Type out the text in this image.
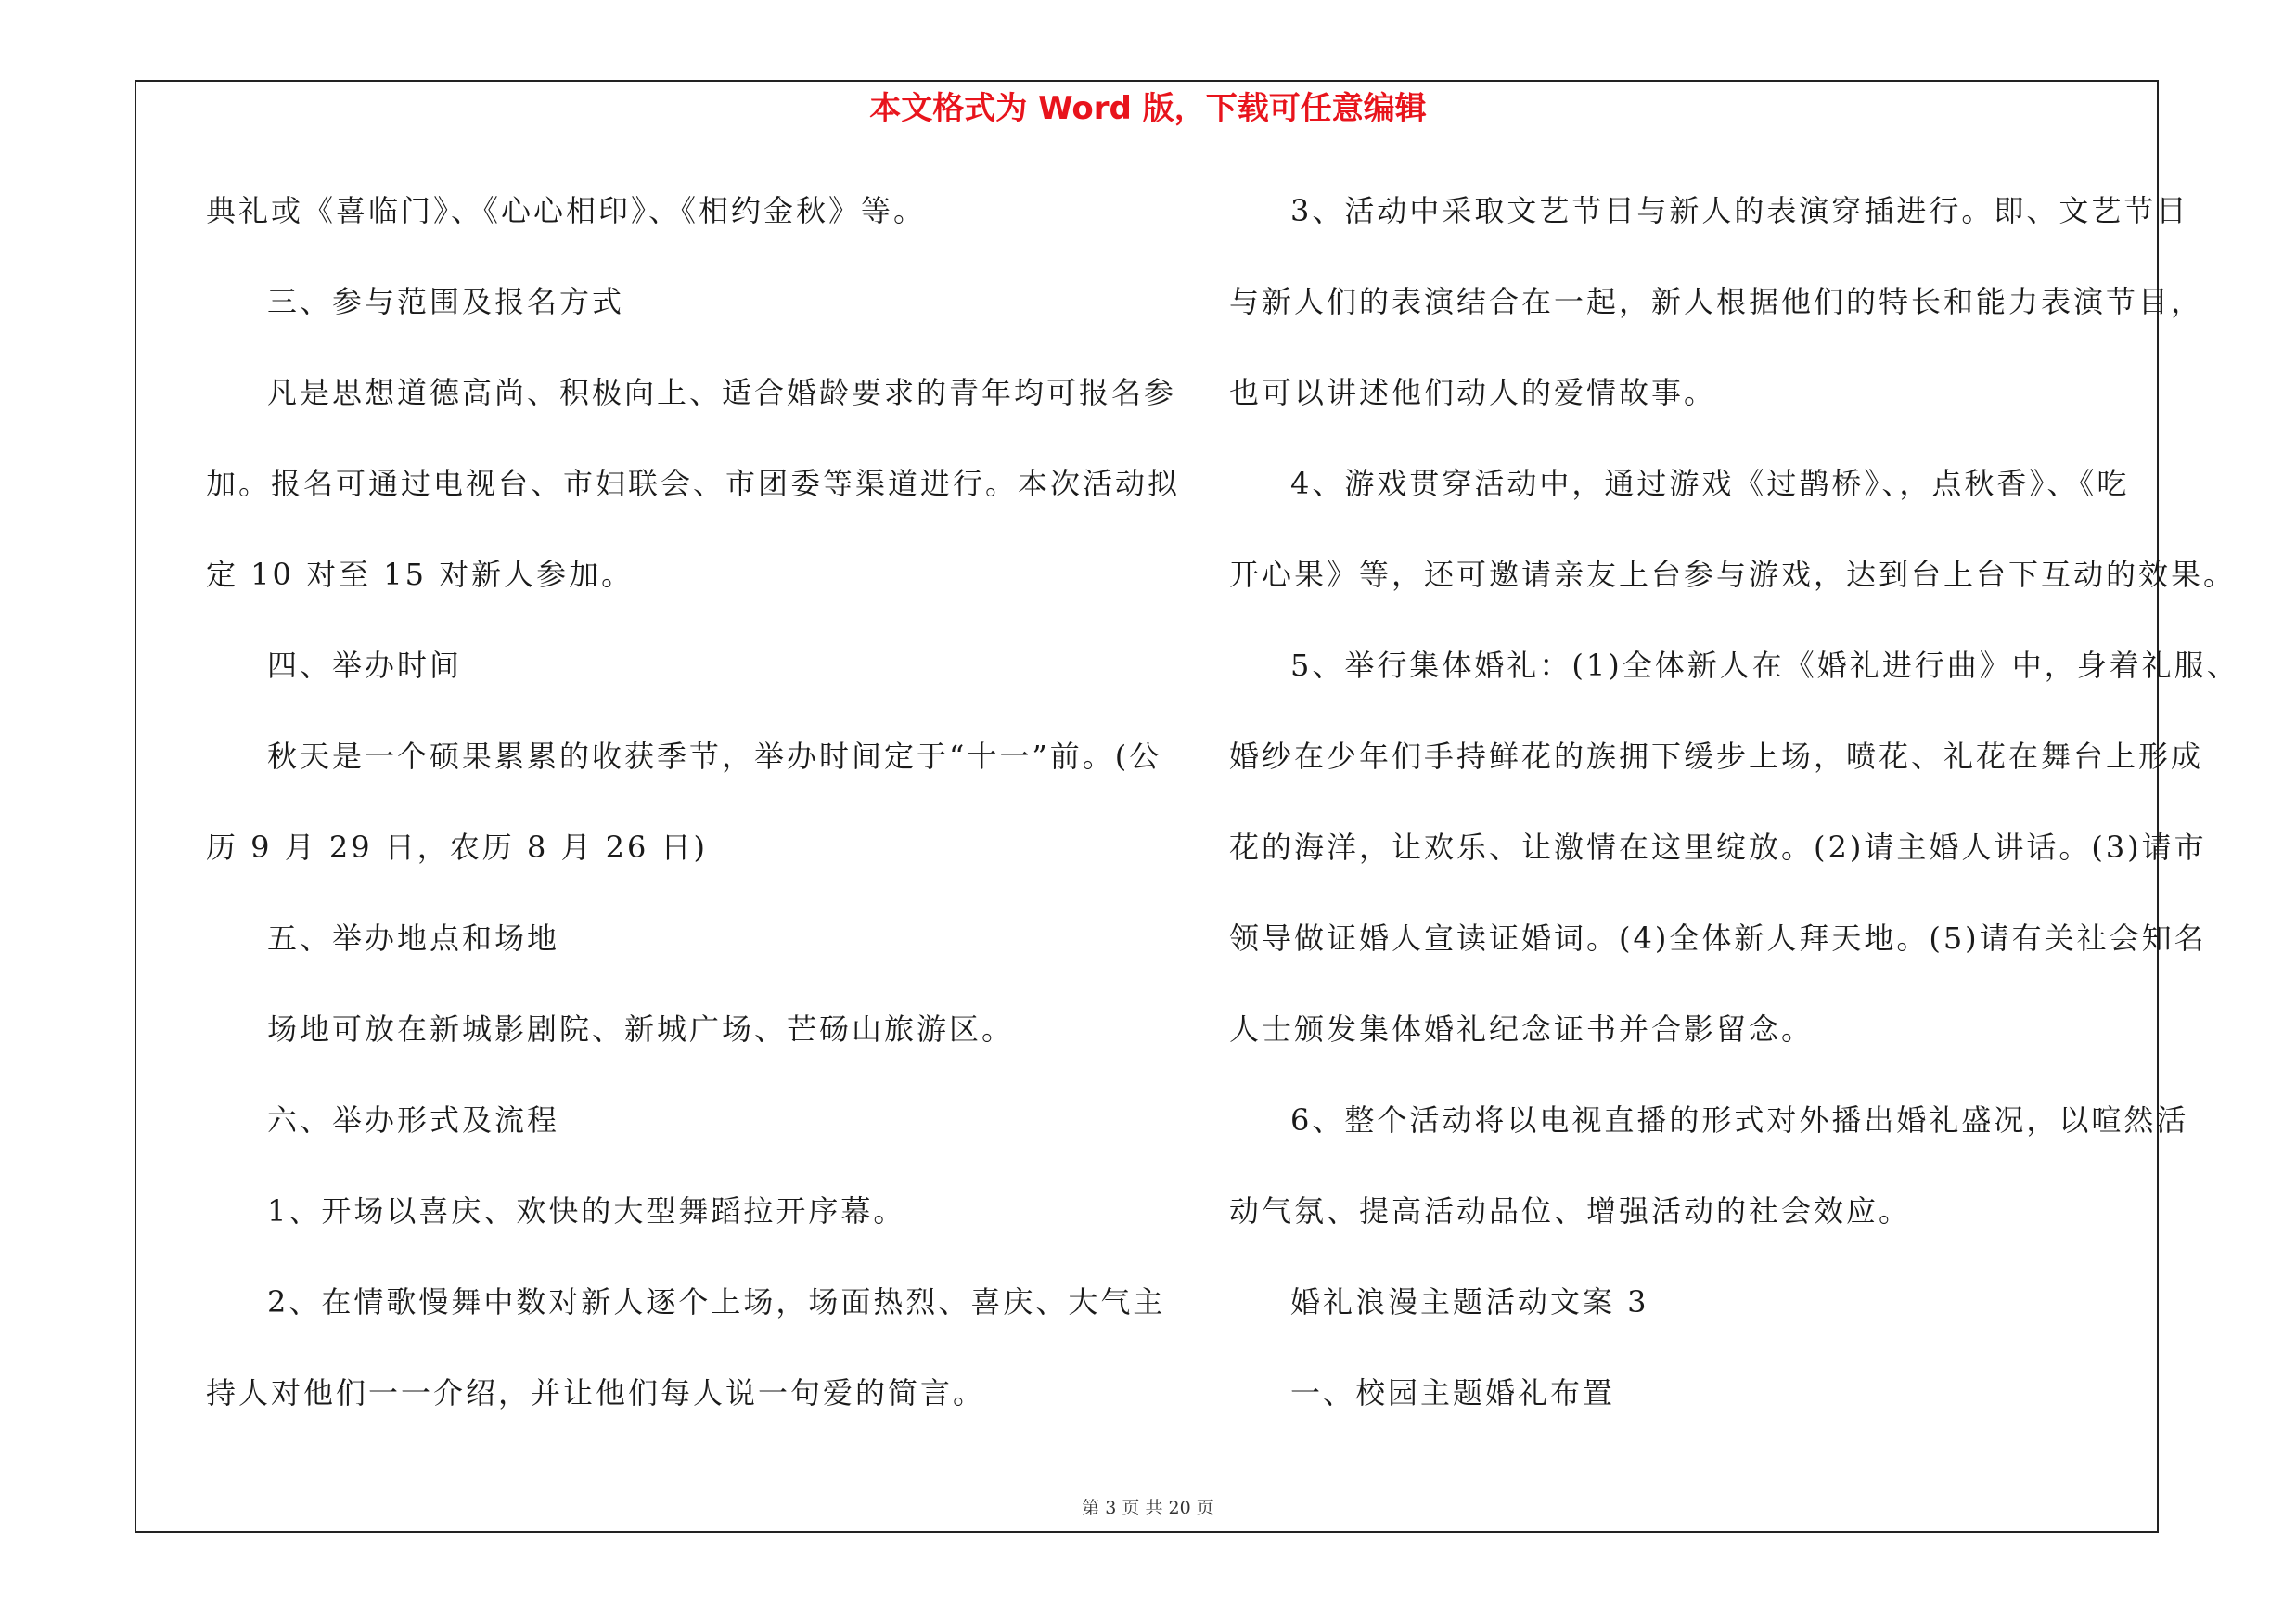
本文格式为 Word 版，下载可任意编辑

典礼或《喜临门》、《心心相印》、《相约金秋》等。

三、参与范围及报名方式

凡是思想道德高尚、积极向上、适合婚龄要求的青年均可报名参

加。报名可通过电视台、市妇联会、市团委等渠道进行。本次活动拟

定 10 对至 15 对新人参加。

四、举办时间

秋天是一个硕果累累的收获季节，举办时间定于“十一”前。(公

历 9 月 29 日，农历 8 月 26 日)

五、举办地点和场地

场地可放在新城影剧院、新城广场、芒砀山旅游区。

六、举办形式及流程

1、开场以喜庆、欢快的大型舞蹈拉开序幕。

2、在情歌慢舞中数对新人逐个上场，场面热烈、喜庆、大气主

持人对他们一一介绍，并让他们每人说一句爱的简言。

3、活动中采取文艺节目与新人的表演穿插进行。即、文艺节目

与新人们的表演结合在一起，新人根据他们的特长和能力表演节目，

也可以讲述他们动人的爱情故事。

4、游戏贯穿活动中，通过游戏《过鹊桥》、，点秋香》、《吃

开心果》等，还可邀请亲友上台参与游戏，达到台上台下互动的效果。

5、举行集体婚礼：(1)全体新人在《婚礼进行曲》中，身着礼服、

婚纱在少年们手持鲜花的族拥下缓步上场，喷花、礼花在舞台上形成

花的海洋，让欢乐、让激情在这里绽放。(2)请主婚人讲话。(3)请市

领导做证婚人宣读证婚词。(4)全体新人拜天地。(5)请有关社会知名

人士颁发集体婚礼纪念证书并合影留念。

6、整个活动将以电视直播的形式对外播出婚礼盛况，以喧然活

动气氛、提高活动品位、增强活动的社会效应。

婚礼浪漫主题活动文案 3

一、校园主题婚礼布置

第 3 页 共 20 页
